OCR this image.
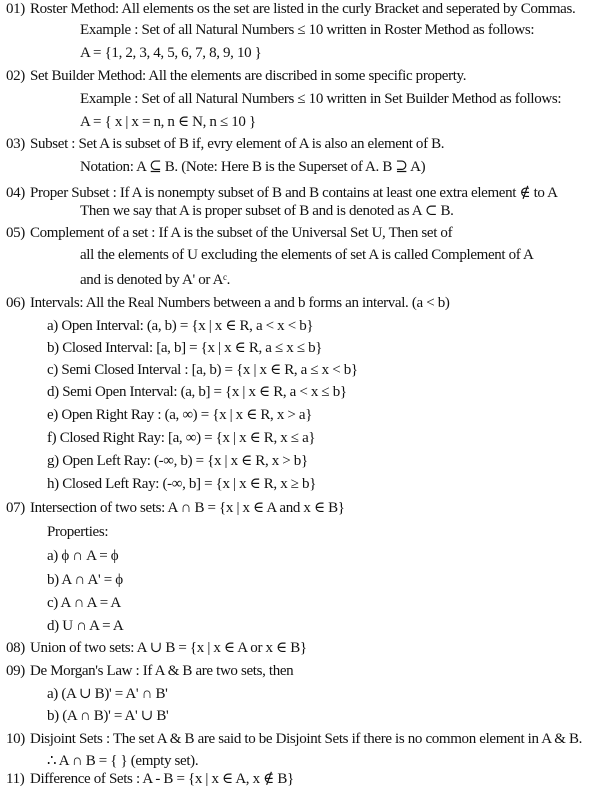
01) Roster Method: All elements os the set are listed in the curly Bracket and seperated by Commas.
Example : Set of all Natural Numbers ≤ 10 written in Roster Method as follows:
A = {1, 2, 3, 4, 5, 6, 7, 8, 9, 10 }
02) Set Builder Method: All the elements are discribed in some specific property.
Example : Set of all Natural Numbers ≤ 10 written in Set Builder Method as follows:
A = { x | x = n, n ∈ N, n ≤ 10 }
03) Subset : Set A is subset of B if, evry element of A is also an element of B.
Notation: A ⊆ B. (Note: Here B is the Superset of A. B ⊇ A)
04) Proper Subset : If A is nonempty subset of B and B contains at least one extra element ∉ to A
Then we say that A is proper subset of B and is denoted as A ⊂ B.
05) Complement of a set : If A is the subset of the Universal Set U, Then set of
all the elements of U excluding the elements of set A is called Complement of A
and is denoted by A' or Aᶜ.
06) Intervals: All the Real Numbers between a and b forms an interval. (a < b)
a) Open Interval: (a, b) = {x | x ∈ R, a < x < b}
b) Closed Interval: [a, b] = {x | x ∈ R, a ≤ x ≤ b}
c) Semi Closed Interval : [a, b) = {x | x ∈ R, a ≤ x < b}
d) Semi Open Interval: (a, b] = {x | x ∈ R, a < x ≤ b}
e) Open Right Ray : (a, ∞) = {x | x ∈ R, x > a}
f) Closed Right Ray: [a, ∞) = {x | x ∈ R, x ≤ a}
g) Open Left Ray: (-∞, b) = {x | x ∈ R, x > b}
h) Closed Left Ray: (-∞, b] = {x | x ∈ R, x ≥ b}
07) Intersection of two sets: A ∩ B = {x | x ∈ A and x ∈ B}
Properties:
a) ϕ ∩ A = ϕ
b) A ∩ A' = ϕ
c) A ∩ A = A
d) U ∩ A = A
08) Union of two sets: A ∪ B = {x | x ∈ A or x ∈ B}
09) De Morgan's Law : If A & B are two sets, then
a) (A ∪ B)' = A' ∩ B'
b) (A ∩ B)' = A' ∪ B'
10) Disjoint Sets : The set A & B are said to be Disjoint Sets if there is no common element in A & B.
∴ A ∩ B = { } (empty set).
11) Difference of Sets : A - B = {x | x ∈ A, x ∉ B}
